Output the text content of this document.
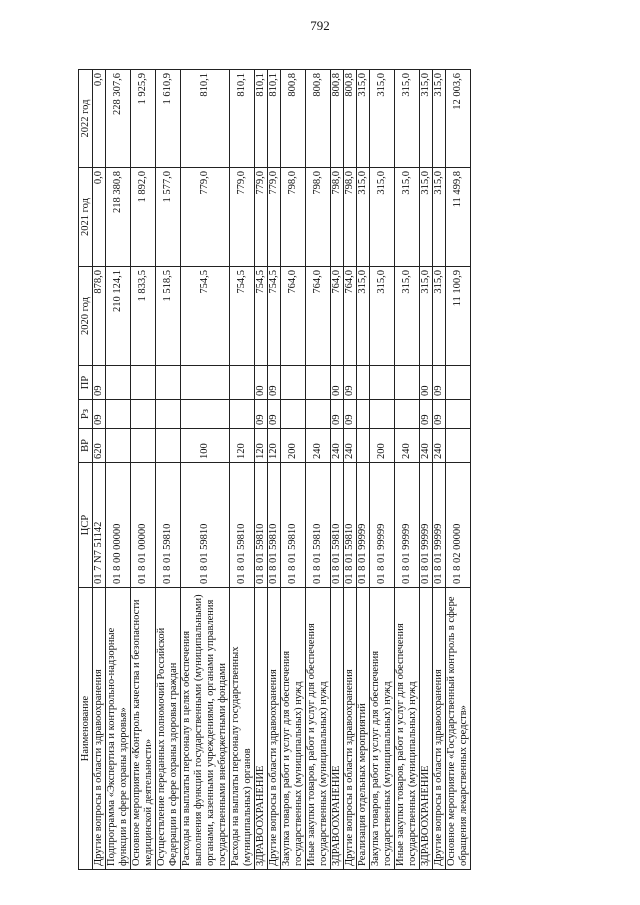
792
Наименование	ЦСР	ВР	Рз	ПР	2020 год	2021 год	2022 год
Другие вопросы в области здравоохранения	01 7 N7 51142	620	09	09	878,0	0,0	0,0
Подпрограмма «Экспертиза и контрольно-надзорные функции в сфере охраны здоровья»	01 8 00 00000				210 124,1	218 380,8	228 307,6
Основное мероприятие «Контроль качества и безопасности медицинской деятельности»	01 8 01 00000				1 833,5	1 892,0	1 925,9
Осуществление переданных полномочий Российской Федерации в сфере охраны здоровья граждан	01 8 01 59810				1 518,5	1 577,0	1 610,9
Расходы на выплаты персоналу в целях обеспечения выполнения функций государственными (муниципальными) органами, казенными учреждениями, органами управления государственными внебюджетными фондами	01 8 01 59810	100			754,5	779,0	810,1
Расходы на выплаты персоналу государственных (муниципальных) органов	01 8 01 59810	120			754,5	779,0	810,1
ЗДРАВООХРАНЕНИЕ	01 8 01 59810	120	09	00	754,5	779,0	810,1
Другие вопросы в области здравоохранения	01 8 01 59810	120	09	09	754,5	779,0	810,1
Закупка товаров, работ и услуг для обеспечения государственных (муниципальных) нужд	01 8 01 59810	200			764,0	798,0	800,8
Иные закупки товаров, работ и услуг для обеспечения государственных (муниципальных) нужд	01 8 01 59810	240			764,0	798,0	800,8
ЗДРАВООХРАНЕНИЕ	01 8 01 59810	240	09	00	764,0	798,0	800,8
Другие вопросы в области здравоохранения	01 8 01 59810	240	09	09	764,0	798,0	800,8
Реализация отдельных мероприятий	01 8 01 99999				315,0	315,0	315,0
Закупка товаров, работ и услуг для обеспечения государственных (муниципальных) нужд	01 8 01 99999	200			315,0	315,0	315,0
Иные закупки товаров, работ и услуг для обеспечения государственных (муниципальных) нужд	01 8 01 99999	240			315,0	315,0	315,0
ЗДРАВООХРАНЕНИЕ	01 8 01 99999	240	09	00	315,0	315,0	315,0
Другие вопросы в области здравоохранения	01 8 01 99999	240	09	09	315,0	315,0	315,0
Основное мероприятие «Государственный контроль в сфере обращения лекарственных средств»	01 8 02 00000				11 100,9	11 499,8	12 003,6
